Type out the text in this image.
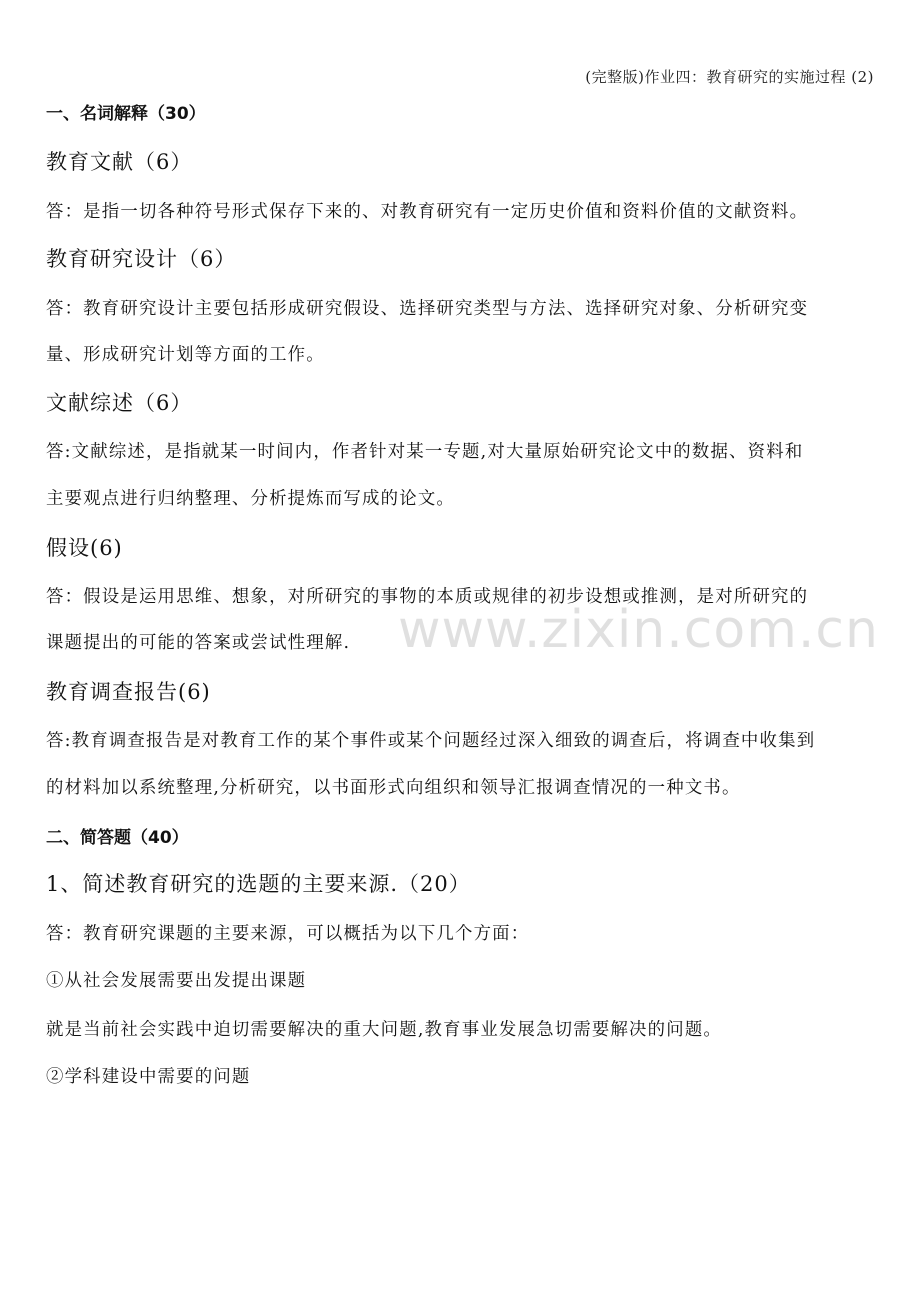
(完整版)作业四：教育研究的实施过程 (2)
一、名词解释（30）
教育文献（6）
答：是指一切各种符号形式保存下来的、对教育研究有一定历史价值和资料价值的文献资料。
教育研究设计（6）
答：教育研究设计主要包括形成研究假设、选择研究类型与方法、选择研究对象、分析研究变
量、形成研究计划等方面的工作。
文献综述（6）
答:文献综述，是指就某一时间内，作者针对某一专题,对大量原始研究论文中的数据、资料和
主要观点进行归纳整理、分析提炼而写成的论文。
假设(6)
答：假设是运用思维、想象，对所研究的事物的本质或规律的初步设想或推测，是对所研究的
课题提出的可能的答案或尝试性理解.
教育调查报告(6)
答:教育调查报告是对教育工作的某个事件或某个问题经过深入细致的调查后，将调查中收集到
的材料加以系统整理,分析研究，以书面形式向组织和领导汇报调查情况的一种文书。
二、简答题（40）
1、简述教育研究的选题的主要来源.（20）
答：教育研究课题的主要来源，可以概括为以下几个方面：
①从社会发展需要出发提出课题
就是当前社会实践中迫切需要解决的重大问题,教育事业发展急切需要解决的问题。
②学科建设中需要的问题
www.zixin.com.cn
